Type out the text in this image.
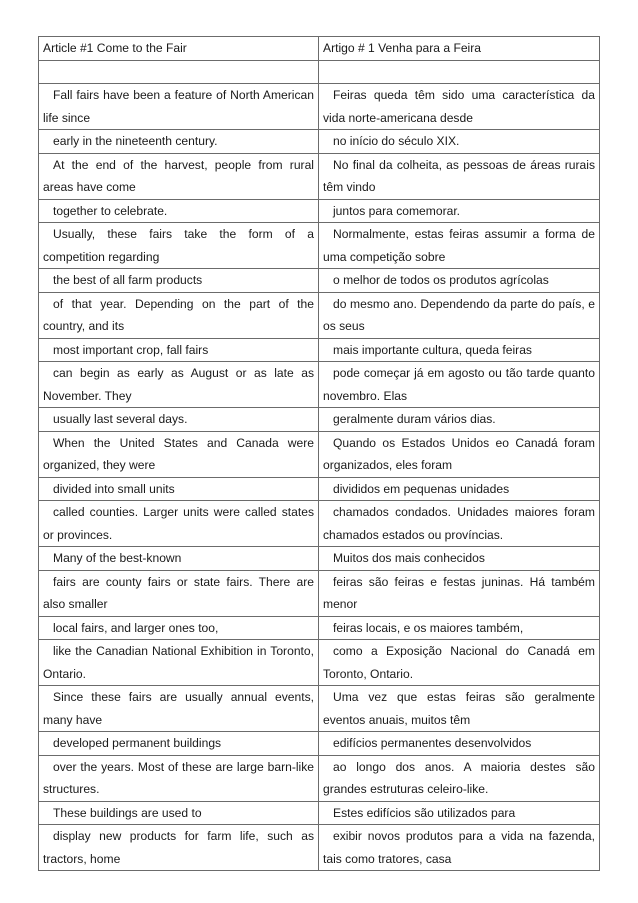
Article #1 Come to the Fair	Artigo # 1 Venha para a Feira

Fall fairs have been a feature of North American life since	Feiras queda têm sido uma característica da vida norte-americana desde

early in the nineteenth century.	no início do século XIX.

At the end of the harvest, people from rural areas have come	No final da colheita, as pessoas de áreas rurais têm vindo

together to celebrate.	juntos para comemorar.

Usually, these fairs take the form of a competition regarding	Normalmente, estas feiras assumir a forma de uma competição sobre

the best of all farm products	o melhor de todos os produtos agrícolas

of that year. Depending on the part of the country, and its	do mesmo ano. Dependendo da parte do país, e os seus

most important crop, fall fairs	mais importante cultura, queda feiras

can begin as early as August or as late as November. They	pode começar já em agosto ou tão tarde quanto novembro. Elas

usually last several days.	geralmente duram vários dias.

When the United States and Canada were organized, they were	Quando os Estados Unidos eo Canadá foram organizados, eles foram

divided into small units	divididos em pequenas unidades

called counties. Larger units were called states or provinces.	chamados condados. Unidades maiores foram chamados estados ou províncias.

Many of the best-known	Muitos dos mais conhecidos

fairs are county fairs or state fairs. There are also smaller	feiras são feiras e festas juninas. Há também menor

local fairs, and larger ones too,	feiras locais, e os maiores também,

like the Canadian National Exhibition in Toronto, Ontario.	como a Exposição Nacional do Canadá em Toronto, Ontario.

Since these fairs are usually annual events, many have	Uma vez que estas feiras são geralmente eventos anuais, muitos têm

developed permanent buildings	edifícios permanentes desenvolvidos

over the years. Most of these are large barn-like structures.	ao longo dos anos. A maioria destes são grandes estruturas celeiro-like.

These buildings are used to	Estes edifícios são utilizados para

display new products for farm life, such as tractors, home	exibir novos produtos para a vida na fazenda, tais como tratores, casa
